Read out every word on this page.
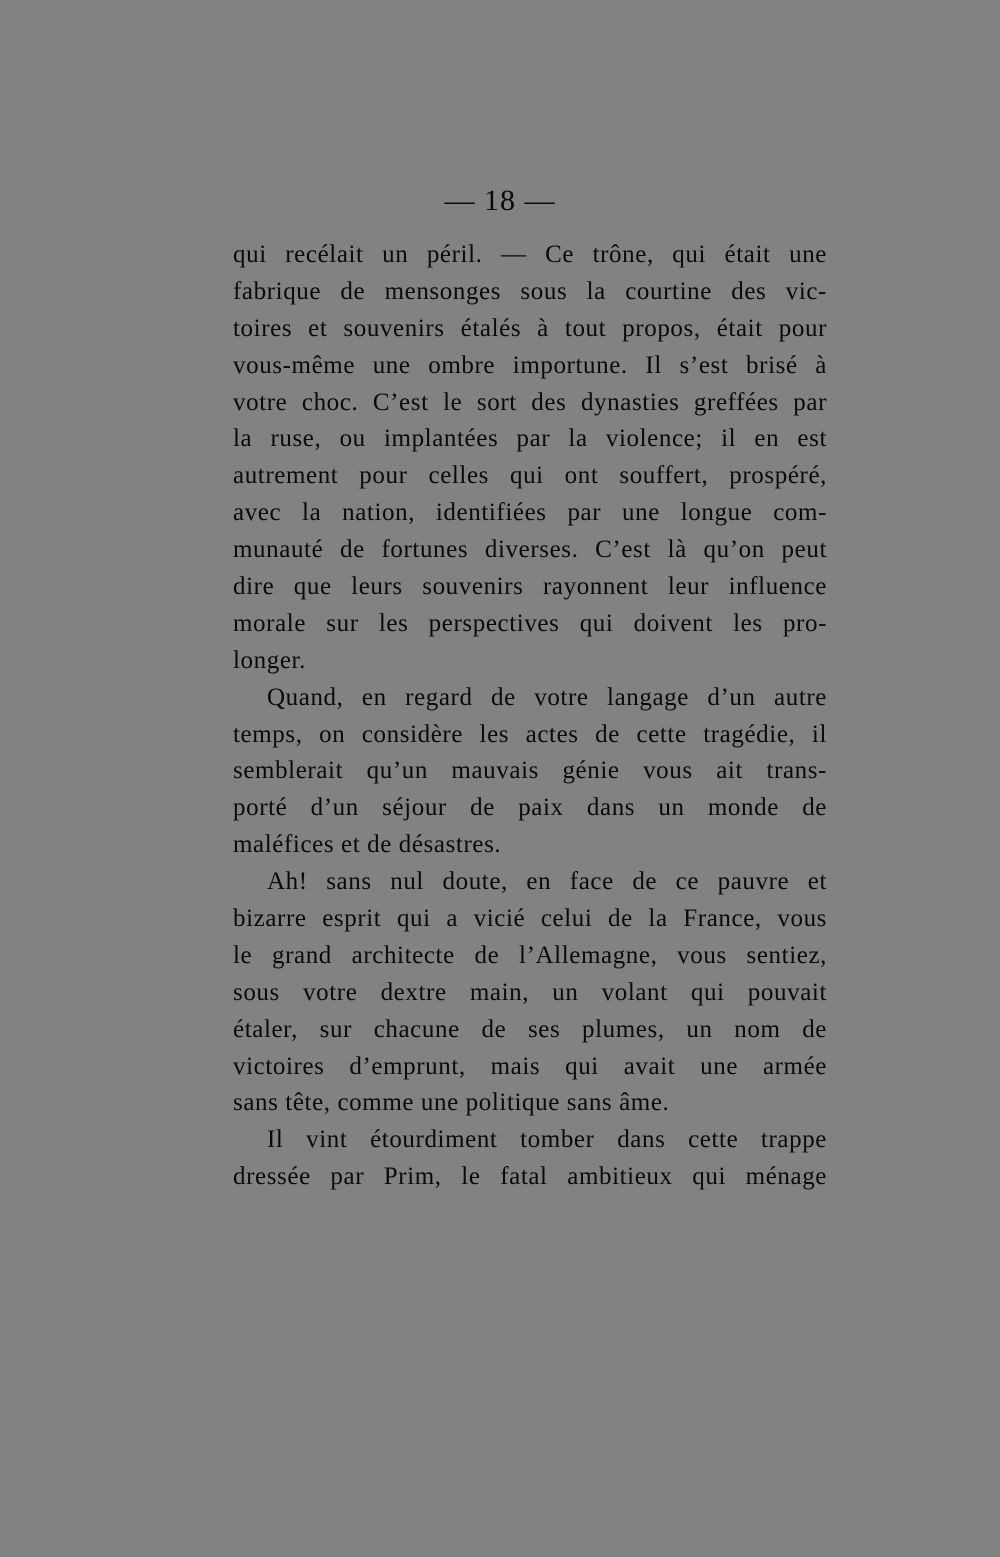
— 18 —
qui recélait un péril. — Ce trône, qui était une
fabrique de mensonges sous la courtine des vic-
toires et souvenirs étalés à tout propos, était pour
vous-même une ombre importune. Il s’est brisé à
votre choc. C’est le sort des dynasties greffées par
la ruse, ou implantées par la violence; il en est
autrement pour celles qui ont souffert, prospéré,
avec la nation, identifiées par une longue com-
munauté de fortunes diverses. C’est là qu’on peut
dire que leurs souvenirs rayonnent leur influence
morale sur les perspectives qui doivent les pro-
longer.
Quand, en regard de votre langage d’un autre
temps, on considère les actes de cette tragédie, il
semblerait qu’un mauvais génie vous ait trans-
porté d’un séjour de paix dans un monde de
maléfices et de désastres.
Ah! sans nul doute, en face de ce pauvre et
bizarre esprit qui a vicié celui de la France, vous
le grand architecte de l’Allemagne, vous sentiez,
sous votre dextre main, un volant qui pouvait
étaler, sur chacune de ses plumes, un nom de
victoires d’emprunt, mais qui avait une armée
sans tête, comme une politique sans âme.
Il vint étourdiment tomber dans cette trappe
dressée par Prim, le fatal ambitieux qui ménage
